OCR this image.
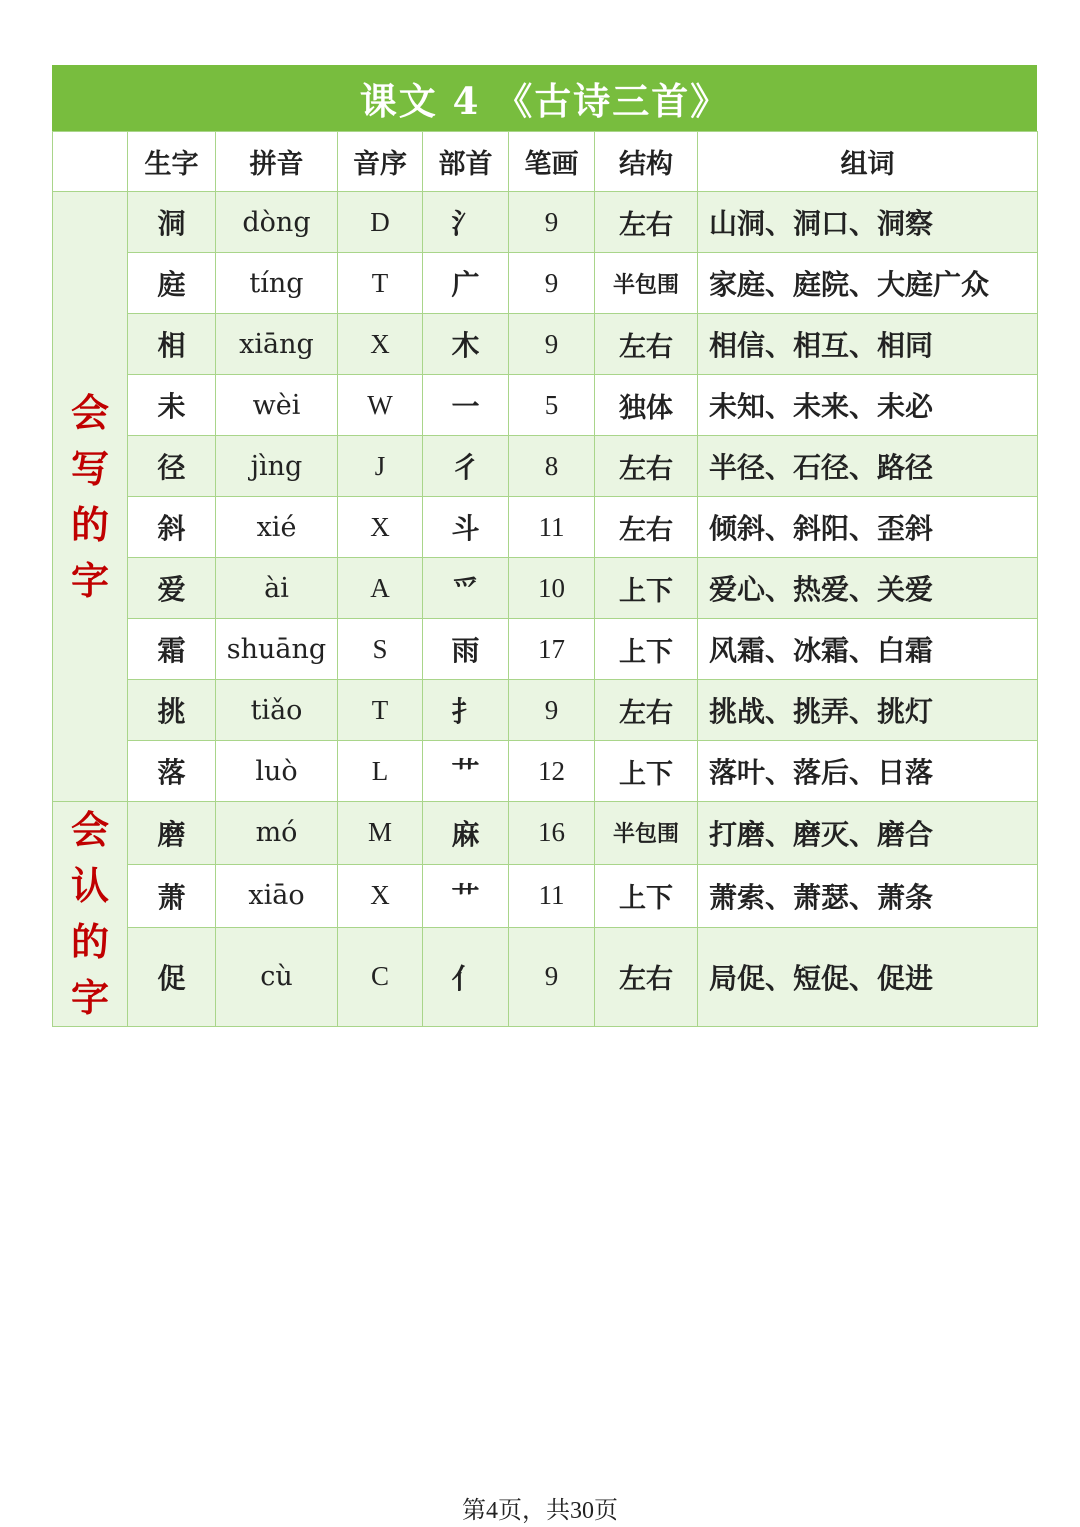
课文 4 《古诗三首》
	生字	拼音	音序	部首	笔画	结构	组词
会写的字	洞	dòng	D	氵	9	左右	山洞、洞口、洞察
	庭	tíng	T	广	9	半包围	家庭、庭院、大庭广众
	相	xiāng	X	木	9	左右	相信、相互、相同
	未	wèi	W	一	5	独体	未知、未来、未必
	径	jìng	J	彳	8	左右	半径、石径、路径
	斜	xié	X	斗	11	左右	倾斜、斜阳、歪斜
	爱	ài	A	爫	10	上下	爱心、热爱、关爱
	霜	shuāng	S	雨	17	上下	风霜、冰霜、白霜
	挑	tiǎo	T	扌	9	左右	挑战、挑弄、挑灯
	落	luò	L	艹	12	上下	落叶、落后、日落
会认的字	磨	mó	M	麻	16	半包围	打磨、磨灭、磨合
	萧	xiāo	X	艹	11	上下	萧索、萧瑟、萧条
	促	cù	C	亻	9	左右	局促、短促、促进
第4页，共30页
